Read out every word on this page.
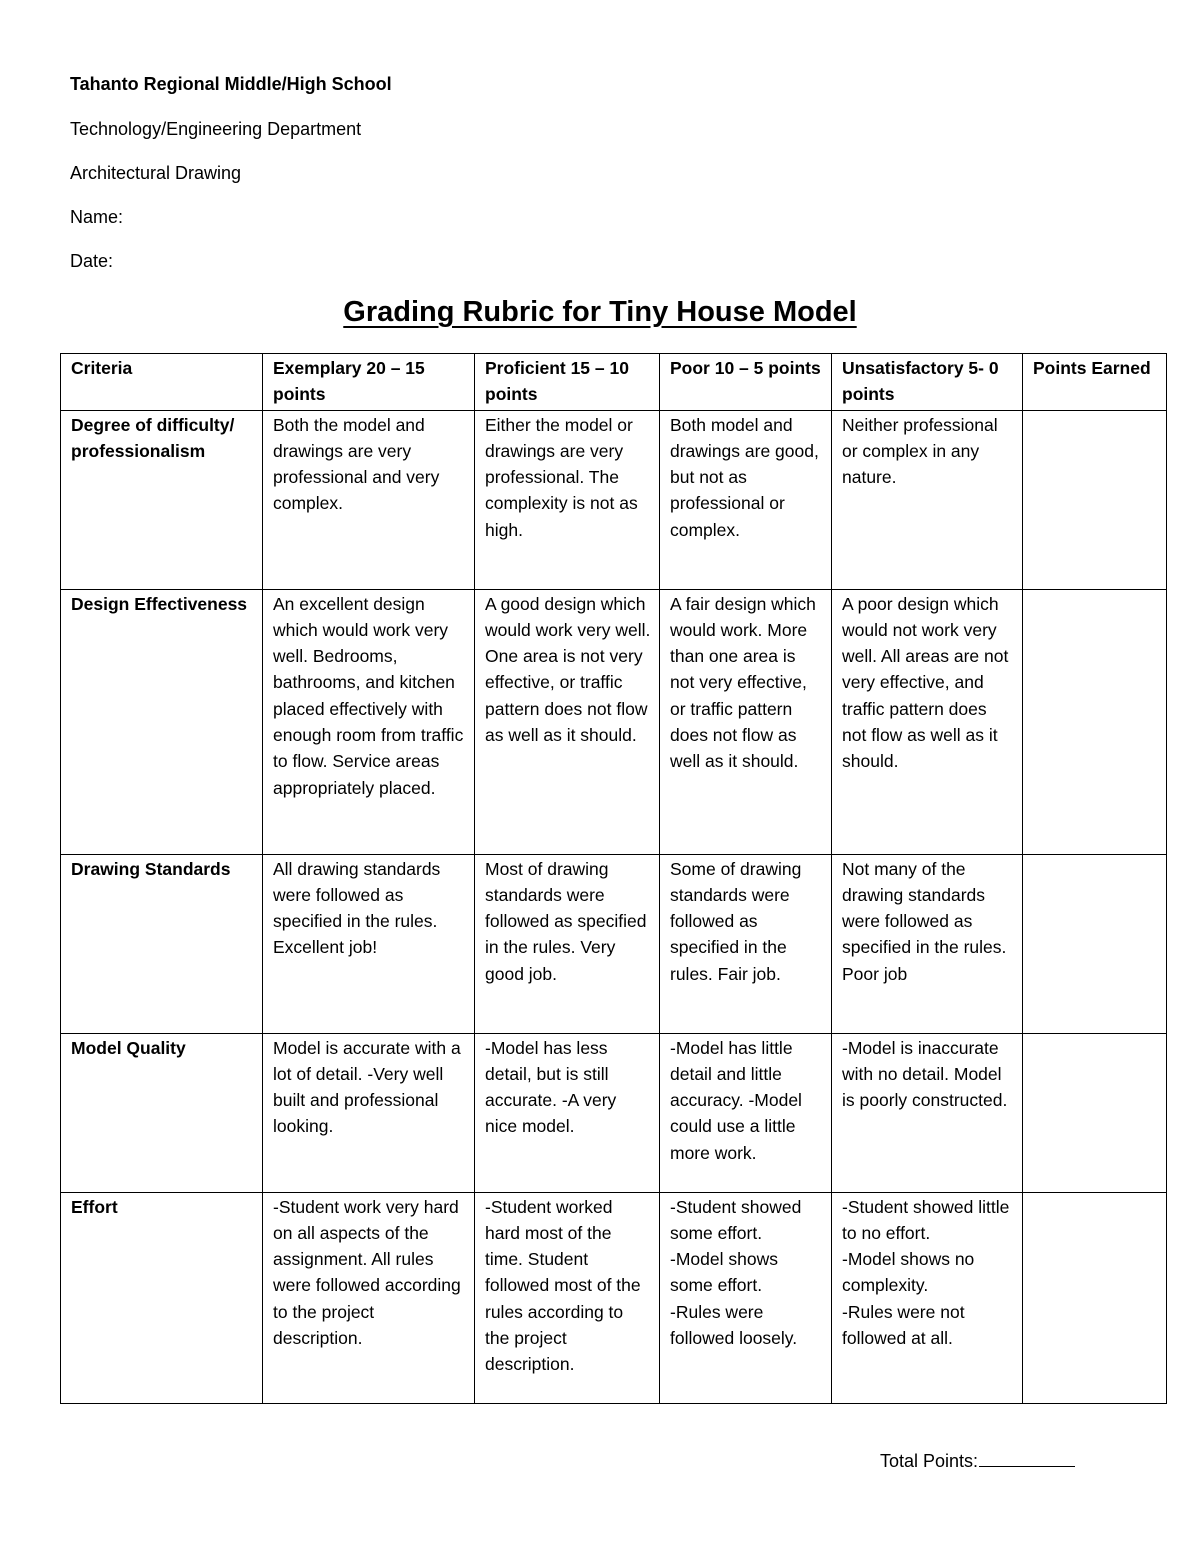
Tahanto Regional Middle/High School
Technology/Engineering Department
Architectural Drawing
Name:
Date:
Grading Rubric for Tiny House Model
Criteria	Exemplary 20 – 15 points	Proficient 15 – 10 points	Poor 10 – 5 points	Unsatisfactory 5- 0 points	Points Earned
Degree of difficulty/ professionalism	Both the model and drawings are very professional and very complex.	Either the model or drawings are very professional. The complexity is not as high.	Both model and drawings are good, but not as professional or complex.	Neither professional or complex in any nature.	
Design Effectiveness	An excellent design which would work very well. Bedrooms, bathrooms, and kitchen placed effectively with enough room from traffic to flow. Service areas appropriately placed.	A good design which would work very well. One area is not very effective, or traffic pattern does not flow as well as it should.	A fair design which would work. More than one area is not very effective, or traffic pattern does not flow as well as it should.	A poor design which would not work very well. All areas are not very effective, and traffic pattern does not flow as well as it should.	
Drawing Standards	All drawing standards were followed as specified in the rules. Excellent job!	Most of drawing standards were followed as specified in the rules. Very good job.	Some of drawing standards were followed as specified in the rules. Fair job.	Not many of the drawing standards were followed as specified in the rules. Poor job	
Model Quality	Model is accurate with a lot of detail. -Very well built and professional looking.	-Model has less detail, but is still accurate. -A very nice model.	-Model has little detail and little accuracy. -Model could use a little more work.	-Model is inaccurate with no detail. Model is poorly constructed.	
Effort	-Student work very hard on all aspects of the assignment. All rules were followed according to the project description.	-Student worked hard most of the time. Student followed most of the rules according to the project description.	-Student showed some effort.
-Model shows some effort.
-Rules were followed loosely.	-Student showed little to no effort.
-Model shows no complexity.
-Rules were not followed at all.	
Total Points:
